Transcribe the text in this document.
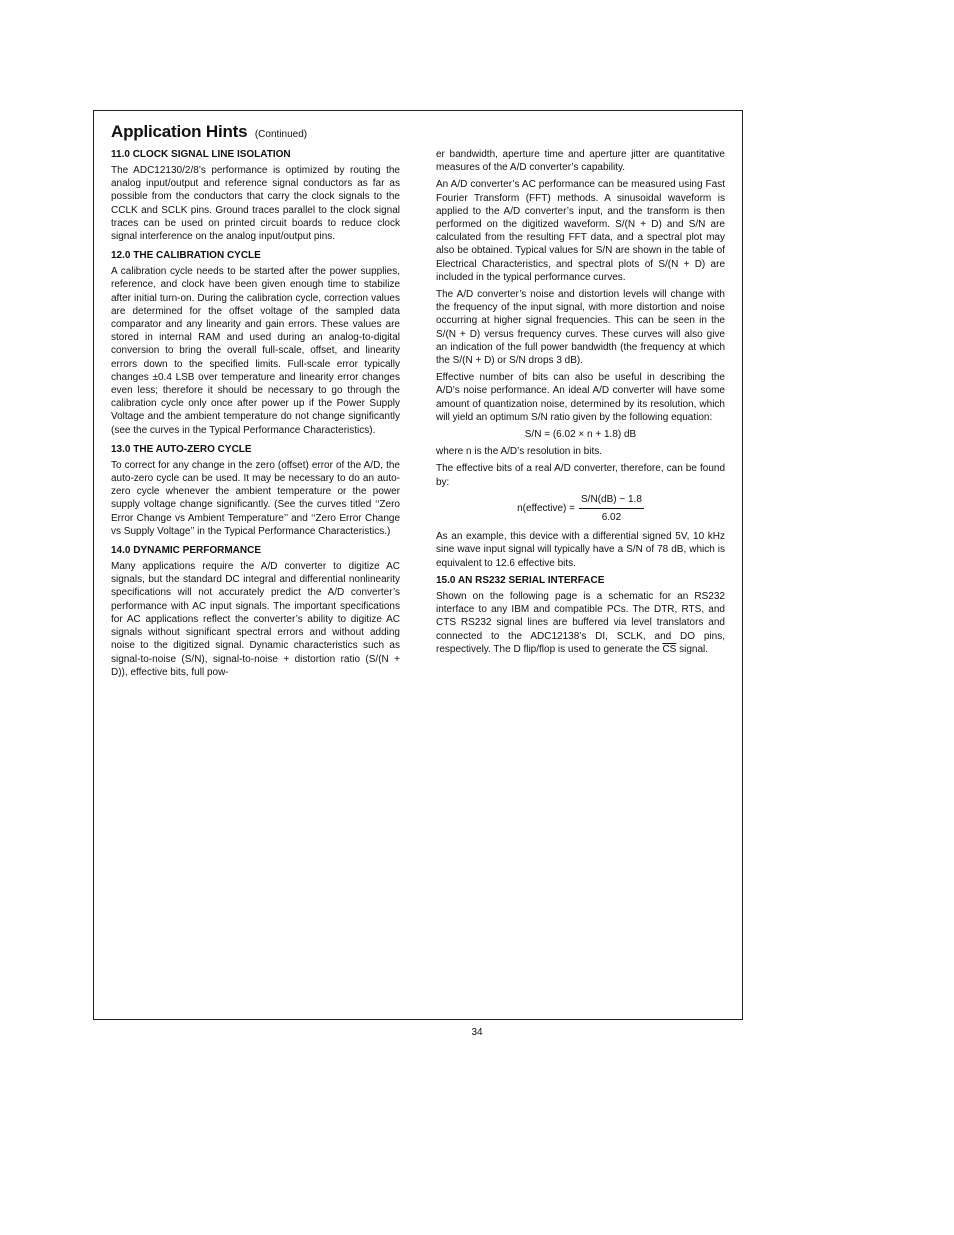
Application Hints (Continued)
11.0 CLOCK SIGNAL LINE ISOLATION

The ADC12130/2/8’s performance is optimized by routing the analog input/output and reference signal conductors as far as possible from the conductors that carry the clock signals to the CCLK and SCLK pins. Ground traces parallel to the clock signal traces can be used on printed circuit boards to reduce clock signal interference on the analog input/output pins.

12.0 THE CALIBRATION CYCLE

A calibration cycle needs to be started after the power supplies, reference, and clock have been given enough time to stabilize after initial turn-on. During the calibration cycle, correction values are determined for the offset voltage of the sampled data comparator and any linearity and gain errors. These values are stored in internal RAM and used during an analog-to-digital conversion to bring the overall full-scale, offset, and linearity errors down to the specified limits. Full-scale error typically changes ±0.4 LSB over temperature and linearity error changes even less; therefore it should be necessary to go through the calibration cycle only once after power up if the Power Supply Voltage and the ambient temperature do not change significantly (see the curves in the Typical Performance Characteristics).

13.0 THE AUTO-ZERO CYCLE

To correct for any change in the zero (offset) error of the A/D, the auto-zero cycle can be used. It may be necessary to do an auto-zero cycle whenever the ambient temperature or the power supply voltage change significantly. (See the curves titled ‘‘Zero Error Change vs Ambient Temperature’’ and ‘‘Zero Error Change vs Supply Voltage’’ in the Typical Performance Characteristics.)

14.0 DYNAMIC PERFORMANCE

Many applications require the A/D converter to digitize AC signals, but the standard DC integral and differential nonlinearity specifications will not accurately predict the A/D converter’s performance with AC input signals. The important specifications for AC applications reflect the converter’s ability to digitize AC signals without significant spectral errors and without adding noise to the digitized signal. Dynamic characteristics such as signal-to-noise (S/N), signal-to-noise + distortion ratio (S/(N + D)), effective bits, full pow-

er bandwidth, aperture time and aperture jitter are quantitative measures of the A/D converter’s capability.

An A/D converter’s AC performance can be measured using Fast Fourier Transform (FFT) methods. A sinusoidal waveform is applied to the A/D converter’s input, and the transform is then performed on the digitized waveform. S/(N + D) and S/N are calculated from the resulting FFT data, and a spectral plot may also be obtained. Typical values for S/N are shown in the table of Electrical Characteristics, and spectral plots of S/(N + D) are included in the typical performance curves.

The A/D converter’s noise and distortion levels will change with the frequency of the input signal, with more distortion and noise occurring at higher signal frequencies. This can be seen in the S/(N + D) versus frequency curves. These curves will also give an indication of the full power bandwidth (the frequency at which the S/(N + D) or S/N drops 3 dB).

Effective number of bits can also be useful in describing the A/D’s noise performance. An ideal A/D converter will have some amount of quantization noise, determined by its resolution, which will yield an optimum S/N ratio given by the following equation:

S/N = (6.02 × n + 1.8) dB

where n is the A/D’s resolution in bits.

The effective bits of a real A/D converter, therefore, can be found by:

n(effective) = $\frac{S/N(dB) - 1.8}{6.02}$

As an example, this device with a differential signed 5V, 10 kHz sine wave input signal will typically have a S/N of 78 dB, which is equivalent to 12.6 effective bits.

15.0 AN RS232 SERIAL INTERFACE

Shown on the following page is a schematic for an RS232 interface to any IBM and compatible PCs. The DTR, RTS, and CTS RS232 signal lines are buffered via level translators and connected to the ADC12138’s DI, SCLK, and DO pins, respectively. The D flip/flop is used to generate the $\overline{CS}$ signal.

34
